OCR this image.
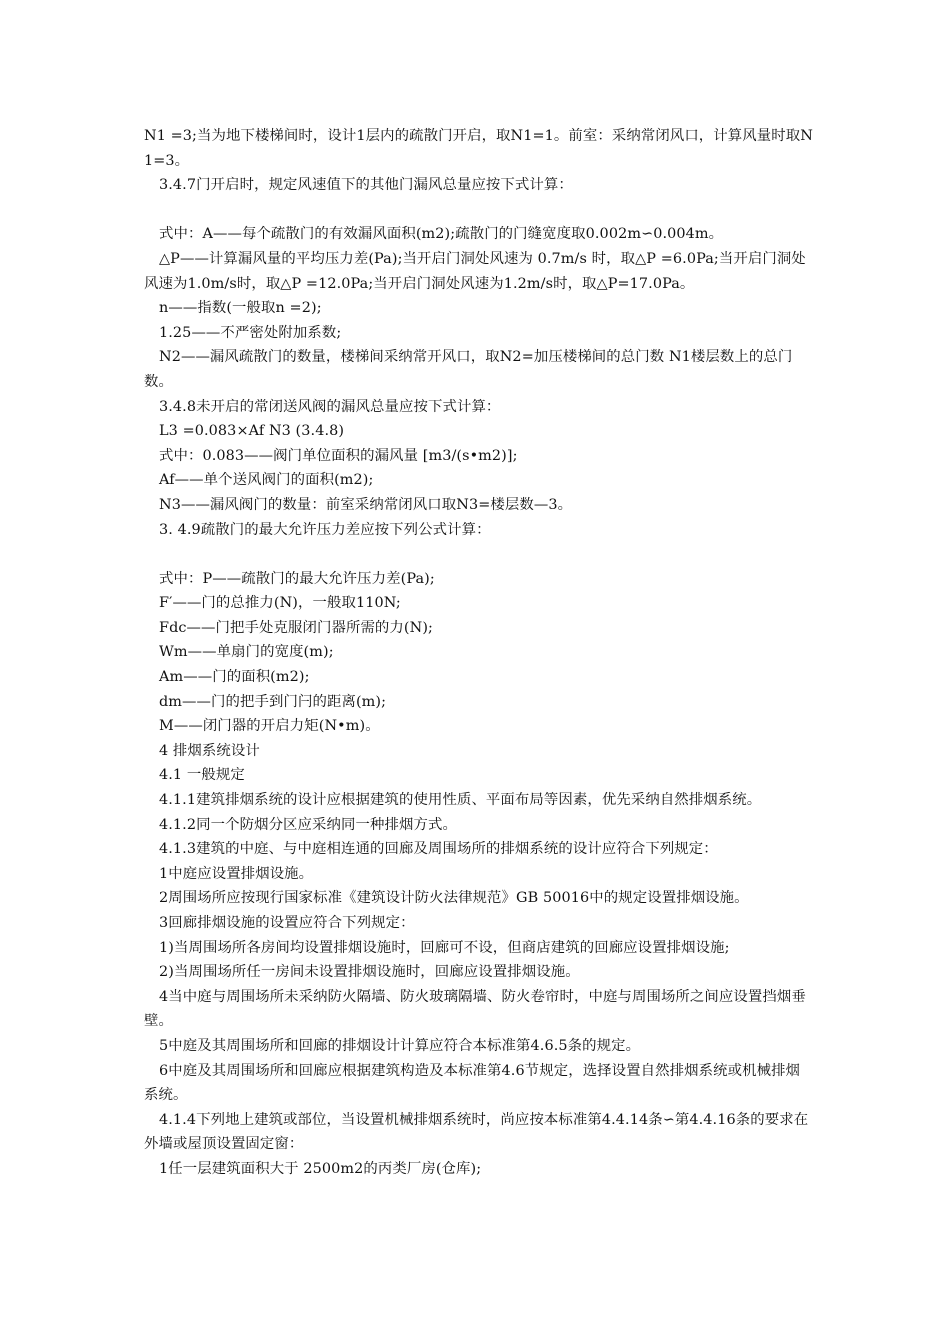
N1 =3;当为地下楼梯间时，设计1层内的疏散门开启，取N1=1。前室：采纳常闭风口，计算风量时取N1=3。

3.4.7门开启时，规定风速值下的其他门漏风总量应按下式计算：

式中：A——每个疏散门的有效漏风面积(m2);疏散门的门缝宽度取0.002m∽0.004m。

△P——计算漏风量的平均压力差(Pa);当开启门洞处风速为 0.7m/s 时，取△P =6.0Pa;当开启门洞处风速为1.0m/s时，取△P =12.0Pa;当开启门洞处风速为1.2m/s时，取△P=17.0Pa。

n——指数(一般取n =2);

1.25——不严密处附加系数;

N2——漏风疏散门的数量，楼梯间采纳常开风口，取N2=加压楼梯间的总门数 N1楼层数上的总门数。

3.4.8未开启的常闭送风阀的漏风总量应按下式计算：

L3 =0.083×Af N3 (3.4.8)

式中：0.083——阀门单位面积的漏风量 [m3/(s•m2)];

Af——单个送风阀门的面积(m2);

N3——漏风阀门的数量：前室采纳常闭风口取N3=楼层数—3。

3. 4.9疏散门的最大允许压力差应按下列公式计算：

式中：P——疏散门的最大允许压力差(Pa);

F′——门的总推力(N)，一般取110N;

Fdc——门把手处克服闭门器所需的力(N);

Wm——单扇门的宽度(m);

Am——门的面积(m2);

dm——门的把手到门闩的距离(m);

M——闭门器的开启力矩(N•m)。

4 排烟系统设计

4.1 一般规定

4.1.1建筑排烟系统的设计应根据建筑的使用性质、平面布局等因素，优先采纳自然排烟系统。

4.1.2同一个防烟分区应采纳同一种排烟方式。

4.1.3建筑的中庭、与中庭相连通的回廊及周围场所的排烟系统的设计应符合下列规定：

1中庭应设置排烟设施。

2周围场所应按现行国家标准《建筑设计防火法律规范》GB 50016中的规定设置排烟设施。

3回廊排烟设施的设置应符合下列规定：

1)当周围场所各房间均设置排烟设施时，回廊可不设，但商店建筑的回廊应设置排烟设施;

2)当周围场所任一房间未设置排烟设施时，回廊应设置排烟设施。

4当中庭与周围场所未采纳防火隔墙、防火玻璃隔墙、防火卷帘时，中庭与周围场所之间应设置挡烟垂壁。

5中庭及其周围场所和回廊的排烟设计计算应符合本标准第4.6.5条的规定。

6中庭及其周围场所和回廊应根据建筑构造及本标准第4.6节规定，选择设置自然排烟系统或机械排烟系统。

4.1.4下列地上建筑或部位，当设置机械排烟系统时，尚应按本标准第4.4.14条∽第4.4.16条的要求在外墙或屋顶设置固定窗：

1任一层建筑面积大于 2500m2的丙类厂房(仓库);
